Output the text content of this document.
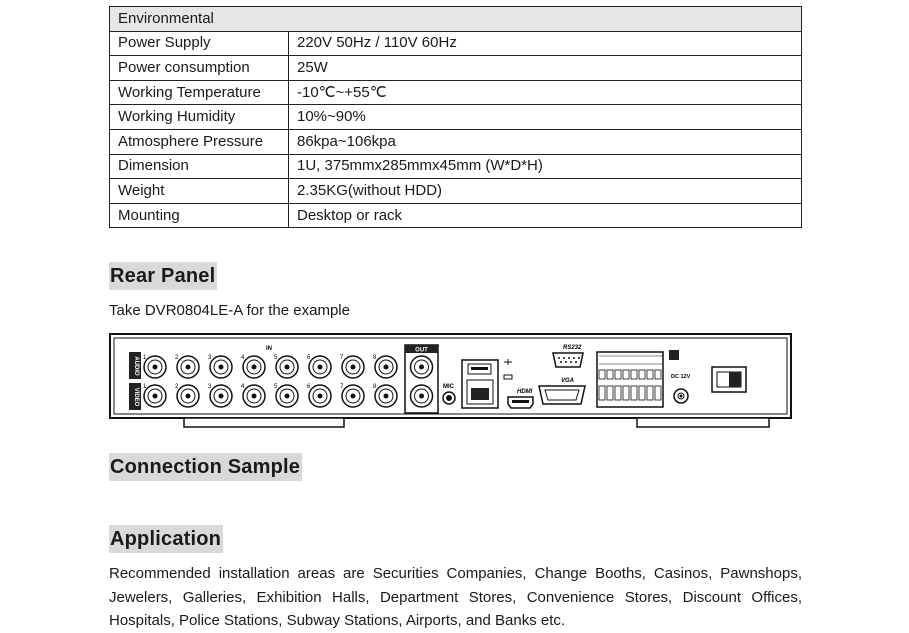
Environmental	
Power Supply	220V 50Hz / 110V 60Hz
Power consumption	25W
Working Temperature	-10℃~+55℃
Working Humidity	10%~90%
Atmosphere Pressure	86kpa~106kpa
Dimension	1U, 375mmx285mmx45mm (W*D*H)
Weight	2.35KG(without HDD)
Mounting	Desktop or rack
Rear Panel
Take DVR0804LE-A for the example
AUDIO
VIDEO
IN
1	2	3	4	5	6	7	8
1	2	3	4	5	6	7	8
OUT
MIC
HDMI
RS232
VGA
DC 12V
Connection Sample
Application
Recommended installation areas are Securities Companies, Change Booths, Casinos, Pawnshops, Jewelers, Galleries, Exhibition Halls, Department Stores, Convenience Stores, Discount Offices, Hospitals, Police Stations, Subway Stations, Airports, and Banks etc.
